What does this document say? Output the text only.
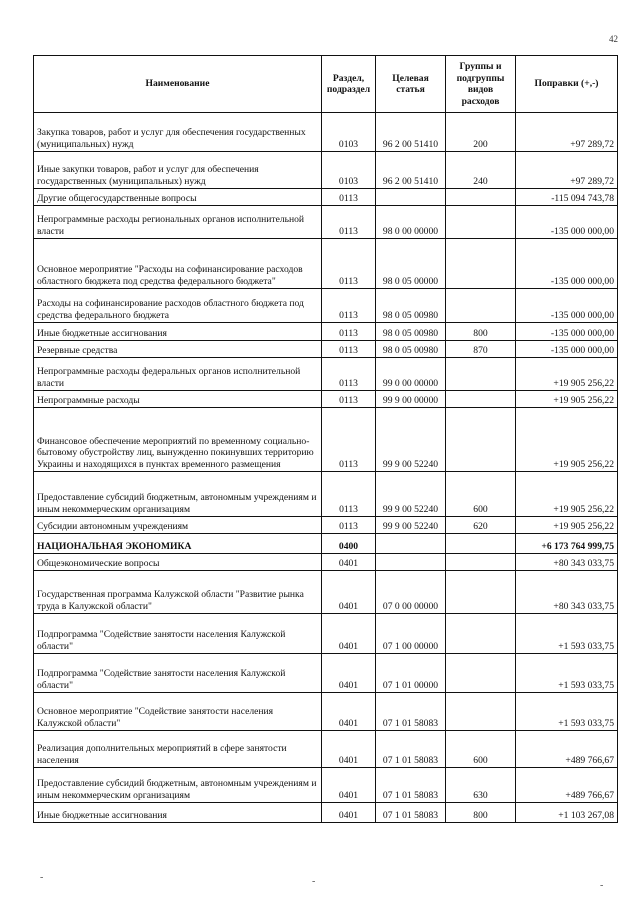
42
Наименование	Раздел, подраздел	Целевая статья	Группы и подгруппы видов расходов	Поправки (+,-)
Закупка товаров, работ и услуг для обеспечения государственных (муниципальных) нужд	0103	96 2 00 51410	200	+97 289,72
Иные закупки товаров, работ и услуг для обеспечения государственных (муниципальных) нужд	0103	96 2 00 51410	240	+97 289,72
Другие общегосударственные вопросы	0113			-115 094 743,78
Непрограммные расходы региональных органов исполнительной власти	0113	98 0 00 00000		-135 000 000,00
Основное мероприятие "Расходы на софинансирование расходов областного бюджета под средства федерального бюджета"	0113	98 0 05 00000		-135 000 000,00
Расходы на софинансирование расходов областного бюджета под средства федерального бюджета	0113	98 0 05 00980		-135 000 000,00
Иные бюджетные ассигнования	0113	98 0 05 00980	800	-135 000 000,00
Резервные средства	0113	98 0 05 00980	870	-135 000 000,00
Непрограммные расходы федеральных органов исполнительной власти	0113	99 0 00 00000		+19 905 256,22
Непрограммные расходы	0113	99 9 00 00000		+19 905 256,22
Финансовое обеспечение мероприятий по временному социально-бытовому обустройству лиц, вынужденно покинувших территорию Украины и находящихся в пунктах временного размещения	0113	99 9 00 52240		+19 905 256,22
Предоставление субсидий бюджетным, автономным учреждениям и иным некоммерческим организациям	0113	99 9 00 52240	600	+19 905 256,22
Субсидии автономным учреждениям	0113	99 9 00 52240	620	+19 905 256,22
НАЦИОНАЛЬНАЯ ЭКОНОМИКА	0400			+6 173 764 999,75
Общеэкономические вопросы	0401			+80 343 033,75
Государственная программа Калужской области "Развитие рынка труда в Калужской области"	0401	07 0 00 00000		+80 343 033,75
Подпрограмма "Содействие занятости населения Калужской области"	0401	07 1 00 00000		+1 593 033,75
Подпрограмма "Содействие занятости населения Калужской области"	0401	07 1 01 00000		+1 593 033,75
Основное мероприятие "Содействие занятости населения Калужской области"	0401	07 1 01 58083		+1 593 033,75
Реализация дополнительных мероприятий в сфере занятости населения	0401	07 1 01 58083	600	+489 766,67
Предоставление субсидий бюджетным, автономным учреждениям и иным некоммерческим организациям	0401	07 1 01 58083	630	+489 766,67
Иные бюджетные ассигнования	0401	07 1 01 58083	800	+1 103 267,08
-	-	-
